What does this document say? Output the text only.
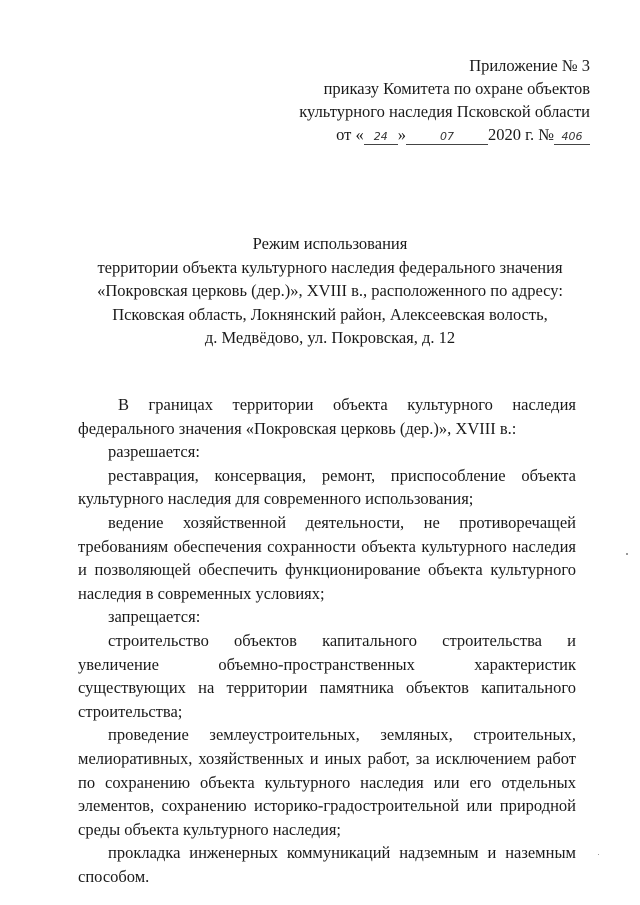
Приложение № 3
приказу Комитета по охране объектов
культурного наследия Псковской области
от « 24 »	07 2020 г. № 406
Режим использования
территории объекта культурного наследия федерального значения
«Покровская церковь (дер.)», XVIII в., расположенного по адресу:
Псковская область, Локнянский район, Алексеевская волость,
д. Медвёдово, ул. Покровская, д. 12

В границах территории объекта культурного наследия федерального значения «Покровская церковь (дер.)», XVIII в.:

разрешается:

реставрация, консервация, ремонт, приспособление объекта культурного наследия для современного использования;

ведение хозяйственной деятельности, не противоречащей требованиям обеспечения сохранности объекта культурного наследия и позволяющей обеспечить функционирование объекта культурного наследия в современных условиях;

запрещается:

строительство объектов капитального строительства и увеличение объемно-пространственных характеристик существующих на территории памятника объектов капитального строительства;

проведение землеустроительных, земляных, строительных, мелиоративных, хозяйственных и иных работ, за исключением работ по сохранению объекта культурного наследия или его отдельных элементов, сохранению историко-градостроительной или природной среды объекта культурного наследия;

прокладка инженерных коммуникаций надземным и наземным способом.
